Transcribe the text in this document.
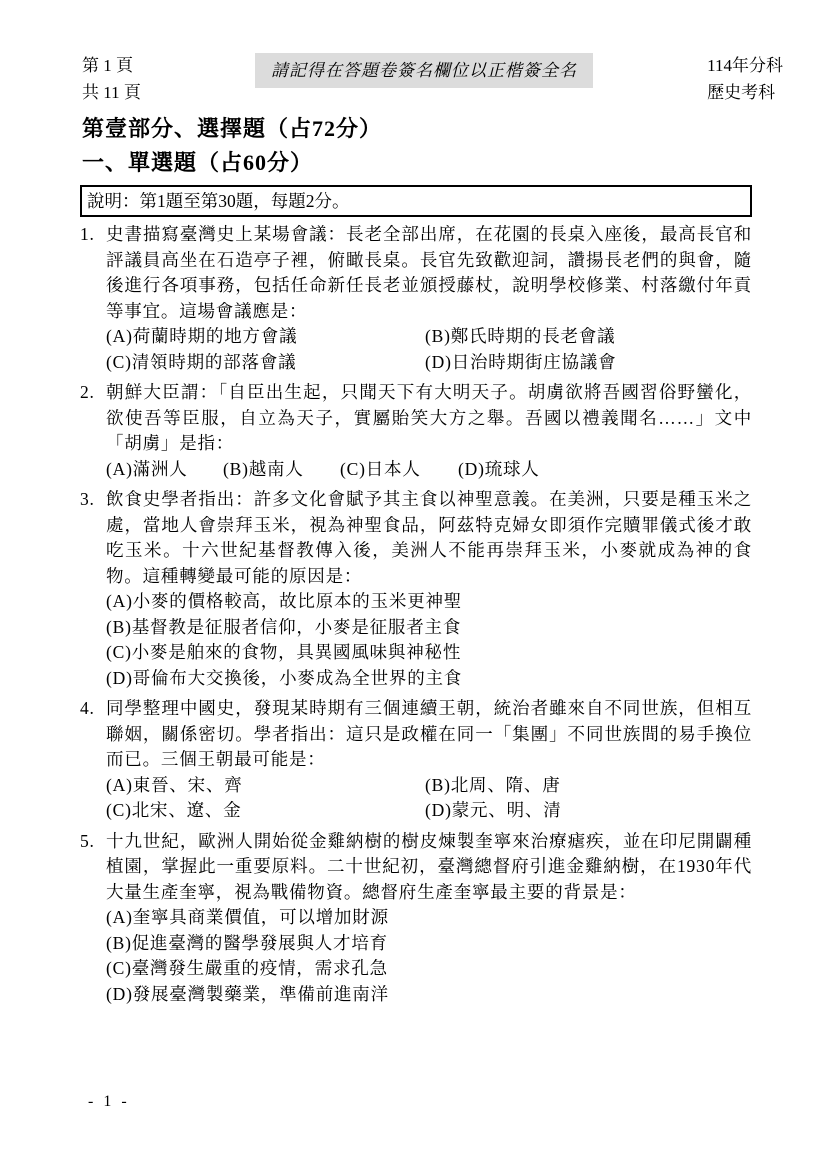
第 1 頁
共 11 頁
請記得在答題卷簽名欄位以正楷簽全名	114年分科
歷史考科
第壹部分、選擇題（占72分）
一、單選題（占60分）
說明：第1題至第30題，每題2分。
1. 史書描寫臺灣史上某場會議：長老全部出席，在花園的長桌入座後，最高長官和評議員高坐在石造亭子裡，俯瞰長桌。長官先致歡迎詞，讚揚長老們的與會，隨後進行各項事務，包括任命新任長老並頒授藤杖，說明學校修業、村落繳付年貢等事宜。這場會議應是：
(A)荷蘭時期的地方會議	(B)鄭氏時期的長老會議
(C)清領時期的部落會議	(D)日治時期街庄協議會
2. 朝鮮大臣謂：「自臣出生起，只聞天下有大明天子。胡虜欲將吾國習俗野蠻化，欲使吾等臣服，自立為天子，實屬貽笑大方之舉。吾國以禮義聞名……」文中「胡虜」是指：
(A)滿洲人	(B)越南人	(C)日本人	(D)琉球人
3. 飲食史學者指出：許多文化會賦予其主食以神聖意義。在美洲，只要是種玉米之處，當地人會崇拜玉米，視為神聖食品，阿茲特克婦女即須作完贖罪儀式後才敢吃玉米。十六世紀基督教傳入後，美洲人不能再崇拜玉米，小麥就成為神的食物。這種轉變最可能的原因是：
(A)小麥的價格較高，故比原本的玉米更神聖
(B)基督教是征服者信仰，小麥是征服者主食
(C)小麥是舶來的食物，具異國風味與神秘性
(D)哥倫布大交換後，小麥成為全世界的主食
4. 同學整理中國史，發現某時期有三個連續王朝，統治者雖來自不同世族，但相互聯姻，關係密切。學者指出：這只是政權在同一「集團」不同世族間的易手換位而已。三個王朝最可能是：
(A)東晉、宋、齊	(B)北周、隋、唐
(C)北宋、遼、金	(D)蒙元、明、清
5. 十九世紀，歐洲人開始從金雞納樹的樹皮煉製奎寧來治療瘧疾，並在印尼開闢種植園，掌握此一重要原料。二十世紀初，臺灣總督府引進金雞納樹，在1930年代大量生產奎寧，視為戰備物資。總督府生產奎寧最主要的背景是：
(A)奎寧具商業價值，可以增加財源
(B)促進臺灣的醫學發展與人才培育
(C)臺灣發生嚴重的疫情，需求孔急
(D)發展臺灣製藥業，準備前進南洋
- 1 -
